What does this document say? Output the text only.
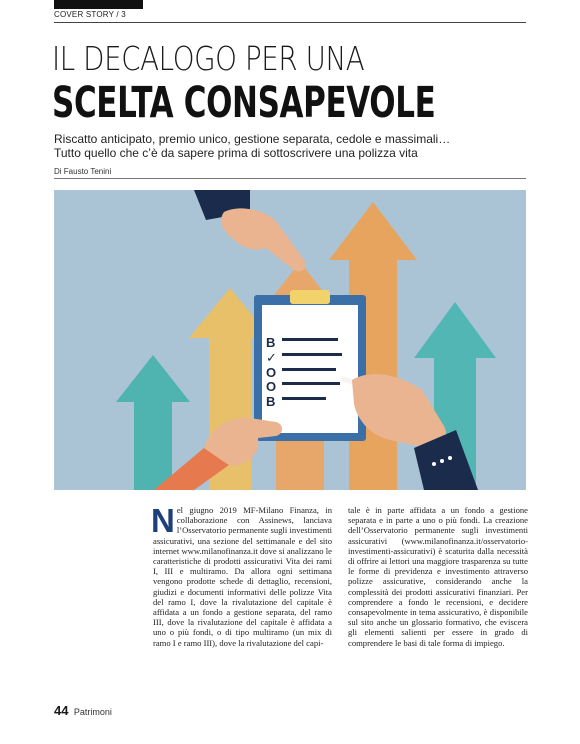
COVER STORY / 3
IL DECALOGO PER UNA
SCELTA CONSAPEVOLE
Riscatto anticipato, premio unico, gestione separata, cedole e massimali…
Tutto quello che c’è da sapere prima di sottoscrivere una polizza vita
Di Fausto Tenini
B
✓
O
O
B

Nel giugno 2019 MF-Milano Finanza, in collaborazione con Assinews, lanciava l’Osservatorio permanente sugli investimenti assicurativi, una sezione del settimanale e del sito internet www.milanofinanza.it dove si analizzano le caratteristiche di prodotti assicurativi Vita dei rami I, III e multiramo. Da allora ogni settimana vengono prodotte schede di dettaglio, recensioni, giudizi e documenti informativi delle polizze Vita del ramo I, dove la rivalutazione del capitale è affidata a un fondo a gestione separata, del ramo III, dove la rivalutazione del capitale è affidata a uno o più fondi, o di tipo multiramo (un mix di ramo I e ramo III), dove la rivalutazione del capi-

tale è in parte affidata a un fondo a gestione separata e in parte a uno o più fondi. La creazione dell’Osservatorio permanente sugli investimenti assicurativi (www.milanofinanza.it/osservatorio-investimenti-assicurativi) è scaturita dalla necessità di offrire ai lettori una maggiore trasparenza su tutte le forme di previdenza e investimento attraverso polizze assicurative, considerando anche la complessità dei prodotti assicurativi finanziari. Per comprendere a fondo le recensioni, e decidere consapevolmente in tema assicurativo, è disponibile sul sito anche un glossario formativo, che eviscera gli elementi salienti per essere in grado di comprendere le basi di tale forma di impiego.

44 Patrimoni
